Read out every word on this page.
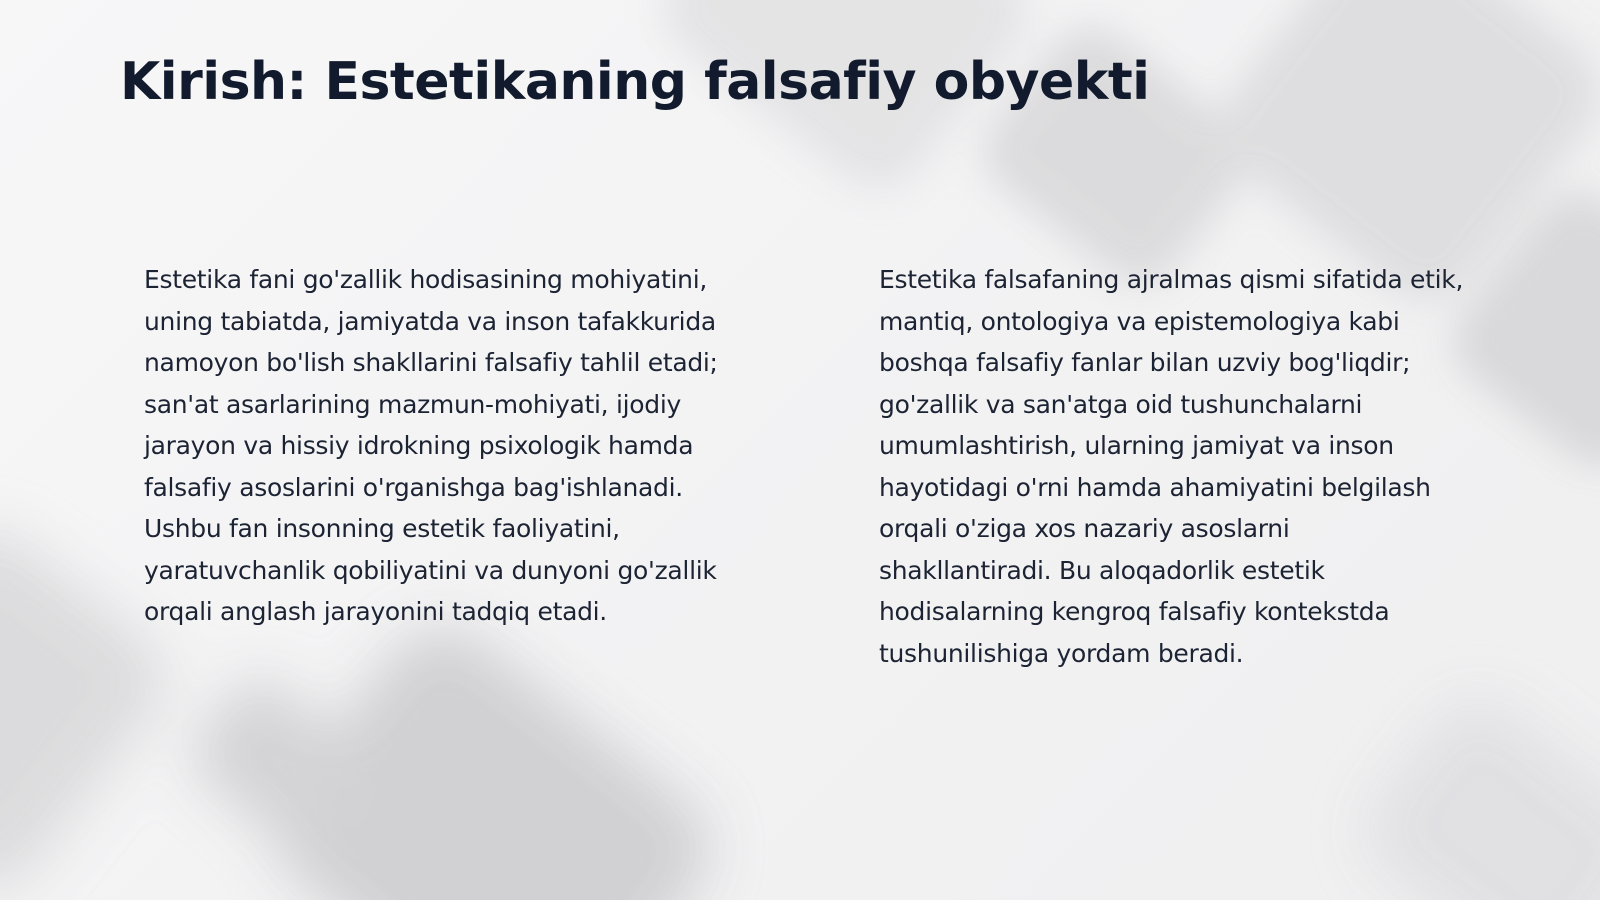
Kirish: Estetikaning falsafiy obyekti

Estetika fani go'zallik hodisasining mohiyatini, uning tabiatda, jamiyatda va inson tafakkurida namoyon bo'lish shakllarini falsafiy tahlil etadi; san'at asarlarining mazmun-mohiyati, ijodiy jarayon va hissiy idrokning psixologik hamda falsafiy asoslarini o'rganishga bag'ishlanadi. Ushbu fan insonning estetik faoliyatini, yaratuvchanlik qobiliyatini va dunyoni go'zallik orqali anglash jarayonini tadqiq etadi.

Estetika falsafaning ajralmas qismi sifatida etik, mantiq, ontologiya va epistemologiya kabi boshqa falsafiy fanlar bilan uzviy bog'liqdir; go'zallik va san'atga oid tushunchalarni umumlashtirish, ularning jamiyat va inson hayotidagi o'rni hamda ahamiyatini belgilash orqali o'ziga xos nazariy asoslarni shakllantiradi. Bu aloqadorlik estetik hodisalarning kengroq falsafiy kontekstda tushunilishiga yordam beradi.
